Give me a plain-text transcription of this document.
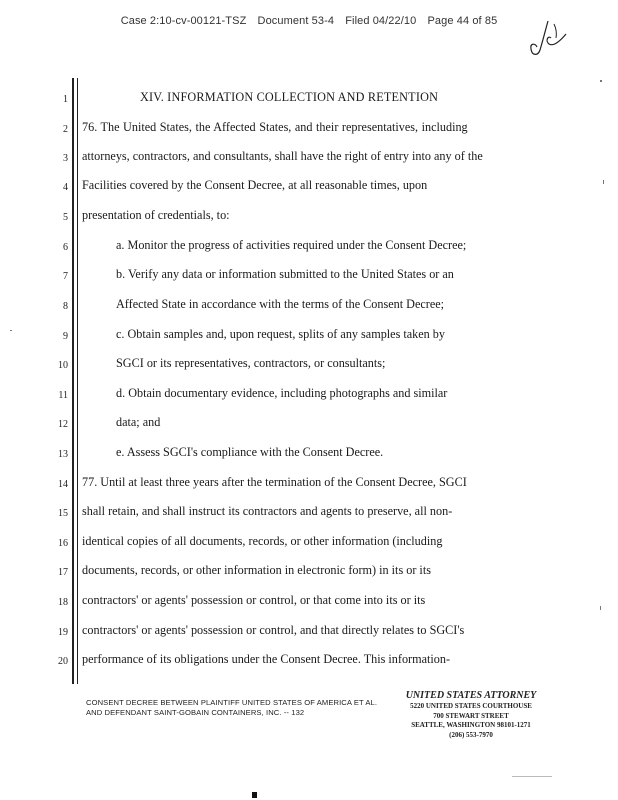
Case 2:10-cv-00121-TSZ Document 53-4 Filed 04/22/10 Page 44 of 85
1
2
3
4
5
6
7
8
9
10
11
12
13
14
15
16
17
18
19
20
XIV. INFORMATION COLLECTION AND RETENTION
76. The United States, the Affected States, and their representatives, including
attorneys, contractors, and consultants, shall have the right of entry into any of the
Facilities covered by the Consent Decree, at all reasonable times, upon
presentation of credentials, to:
a. Monitor the progress of activities required under the Consent Decree;
b. Verify any data or information submitted to the United States or an
Affected State in accordance with the terms of the Consent Decree;
c. Obtain samples and, upon request, splits of any samples taken by
SGCI or its representatives, contractors, or consultants;
d. Obtain documentary evidence, including photographs and similar
data; and
e. Assess SGCI's compliance with the Consent Decree.
77. Until at least three years after the termination of the Consent Decree, SGCI
shall retain, and shall instruct its contractors and agents to preserve, all non-
identical copies of all documents, records, or other information (including
documents, records, or other information in electronic form) in its or its
contractors' or agents' possession or control, or that come into its or its
contractors' or agents' possession or control, and that directly relates to SGCI's
performance of its obligations under the Consent Decree. This information-
CONSENT DECREE BETWEEN PLAINTIFF UNITED STATES OF AMERICA ET AL.
AND DEFENDANT SAINT-GOBAIN CONTAINERS, INC. -- 132
UNITED STATES ATTORNEY
5220 UNITED STATES COURTHOUSE
700 STEWART STREET
SEATTLE, WASHINGTON 98101-1271
(206) 553-7970
